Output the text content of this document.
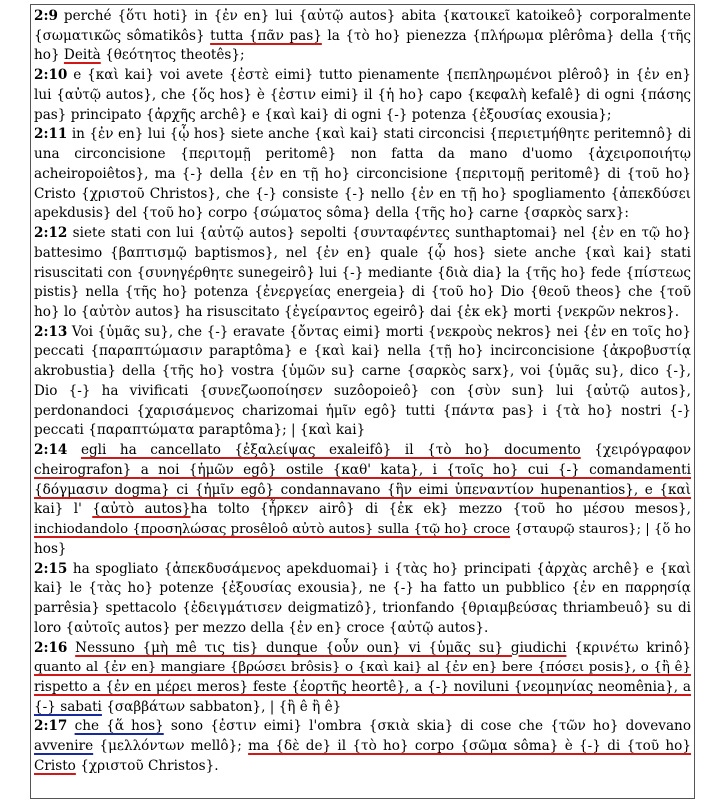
2:9 perché {ὅτι hoti} in {ἐν en} lui {αὐτῷ autos} abita {κατοικεῖ katoikeô} corporalmente
{σωματικῶς sômatikôs} tutta {πᾶν pas} la {τὸ ho} pienezza {πλήρωμα plêrôma} della {τῆς
ho} Deità {θεότητος theotês};
2:10 e {καὶ kai} voi avete {ἐστὲ eimi} tutto pienamente {πεπληρωμένοι plêroô} in {ἐν en}
lui {αὐτῷ autos}, che {ὅς hos} è {ἐστιν eimi} il {ἡ ho} capo {κεφαλὴ kefalê} di ogni {πάσης
pas} principato {ἀρχῆς archê} e {καὶ kai} di ogni {-} potenza {ἐξουσίας exousia};
2:11 in {ἐν en} lui {ᾧ hos} siete anche {καὶ kai} stati circoncisi {περιετμήθητε peritemnô} di
una circoncisione {περιτομῇ peritomê} non fatta da mano d'uomo {ἀχειροποιήτῳ
acheiropoiêtos}, ma {-} della {ἐν en τῇ ho} circoncisione {περιτομῇ peritomê} di {τοῦ ho}
Cristo {χριστοῦ Christos}, che {-} consiste {-} nello {ἐν en τῇ ho} spogliamento {ἀπεκδύσει
apekdusis} del {τοῦ ho} corpo {σώματος sôma} della {τῆς ho} carne {σαρκὸς sarx}:
2:12 siete stati con lui {αὐτῷ autos} sepolti {συνταφέντες sunthaptomai} nel {ἐν en τῷ ho}
battesimo {βαπτισμῷ baptismos}, nel {ἐν en} quale {ᾧ hos} siete anche {καὶ kai} stati
risuscitati con {συνηγέρθητε sunegeirô} lui {-} mediante {διὰ dia} la {τῆς ho} fede {πίστεως
pistis} nella {τῆς ho} potenza {ἐνεργείας energeia} di {τοῦ ho} Dio {θεοῦ theos} che {τοῦ
ho} lo {αὐτὸν autos} ha risuscitato {ἐγείραντος egeirô} dai {ἐκ ek} morti {νεκρῶν nekros}.
2:13 Voi {ὑμᾶς su}, che {-} eravate {ὄντας eimi} morti {νεκροὺς nekros} nei {ἐν en τοῖς ho}
peccati {παραπτώμασιν paraptôma} e {καὶ kai} nella {τῇ ho} incirconcisione {ἀκροβυστίᾳ
akrobustia} della {τῆς ho} vostra {ὑμῶν su} carne {σαρκὸς sarx}, voi {ὑμᾶς su}, dico {-},
Dio {-} ha vivificati {συνεζωοποίησεν suzôopoieô} con {σὺν sun} lui {αὐτῷ autos},
perdonandoci {χαρισάμενος charizomai ἡμῖν egô} tutti {πάντα pas} i {τὰ ho} nostri {-}
peccati {παραπτώματα paraptôma}; | {καὶ kai}
2:14 egli ha cancellato {ἐξαλείψας exaleifô} il {τὸ ho} documento {χειρόγραφον
cheirografon} a noi {ἡμῶν egô} ostile {καθ' kata}, i {τοῖς ho} cui {-} comandamenti
{δόγμασιν dogma} ci {ἡμῖν egô} condannavano {ἣν eimi ὑπεναντίον hupenantios}, e {καὶ
kai} l' {αὐτὸ autos}ha tolto {ἦρκεν airô} di {ἐκ ek} mezzo {τοῦ ho μέσου mesos},
inchiodandolo {προσηλώσας prosêloô αὐτὸ autos} sulla {τῷ ho} croce {σταυρῷ stauros}; | {ὅ ho
hos}
2:15 ha spogliato {ἀπεκδυσάμενος apekduomai} i {τὰς ho} principati {ἀρχὰς archê} e {καὶ
kai} le {τὰς ho} potenze {ἐξουσίας exousia}, ne {-} ha fatto un pubblico {ἐν en παρρησίᾳ
parrêsia} spettacolo {ἐδειγμάτισεν deigmatizô}, trionfando {θριαμβεύσας thriambeuô} su di
loro {αὐτοῖς autos} per mezzo della {ἐν en} croce {αὐτῷ autos}.
2:16 Nessuno {μὴ mê τις tis} dunque {οὖν oun} vi {ὑμᾶς su} giudichi {κρινέτω krinô}
quanto al {ἐν en} mangiare {βρώσει brôsis} o {καὶ kai} al {ἐν en} bere {πόσει posis}, o {ἢ ê}
rispetto a {ἐν en μέρει meros} feste {ἑορτῆς heortê}, a {-} noviluni {νεομηνίας neomênia}, a
{-} sabati {σαββάτων sabbaton}, | {ἢ ê ἢ ê}
2:17 che {ἅ hos} sono {ἐστιν eimi} l'ombra {σκιὰ skia} di cose che {τῶν ho} dovevano
avvenire {μελλόντων mellô}; ma {δὲ de} il {τὸ ho} corpo {σῶμα sôma} è {-} di {τοῦ ho}
Cristo {χριστοῦ Christos}.
